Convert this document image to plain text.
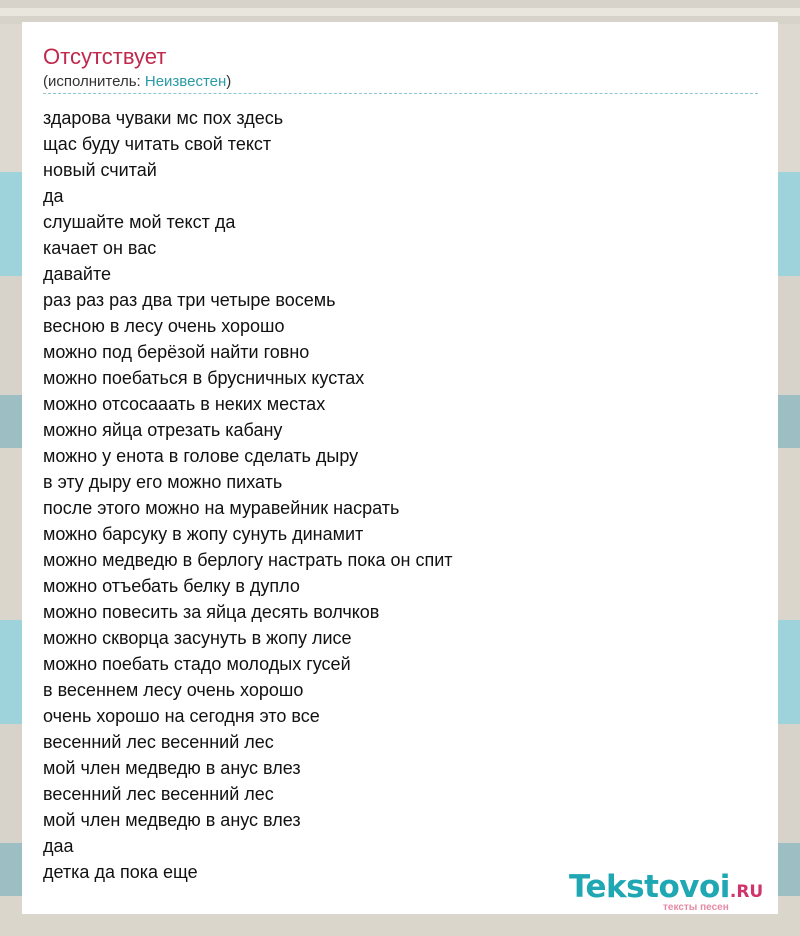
Отсутствует
(исполнитель: Неизвестен)
здарова чуваки мс пох здесь
щас буду читать свой текст
новый считай
да
слушайте мой текст да
качает он вас
давайте
раз раз раз два три четыре восемь
весною в лесу очень хорошо
можно под берёзой найти говно
можно поебаться в брусничных кустах
можно отсосааать в неких местах
можно яйца отрезать кабану
можно у енота в голове сделать дыру
в эту дыру его можно пихать
после этого можно на муравейник насрать
можно барсуку в жопу сунуть динамит
можно медведю в берлогу настрать пока он спит
можно отъебать белку в дупло
можно повесить за яйца десять волчков
можно скворца засунуть в жопу лисе
можно поебать стадо молодых гусей
в весеннем лесу очень хорошо
очень хорошо на сегодня это все
весенний лес весенний лес
мой член медведю в анус влез
весенний лес весенний лес
мой член медведю в анус влез
даа
детка да пока еще	Tekstovoi.RU
тексты песен
